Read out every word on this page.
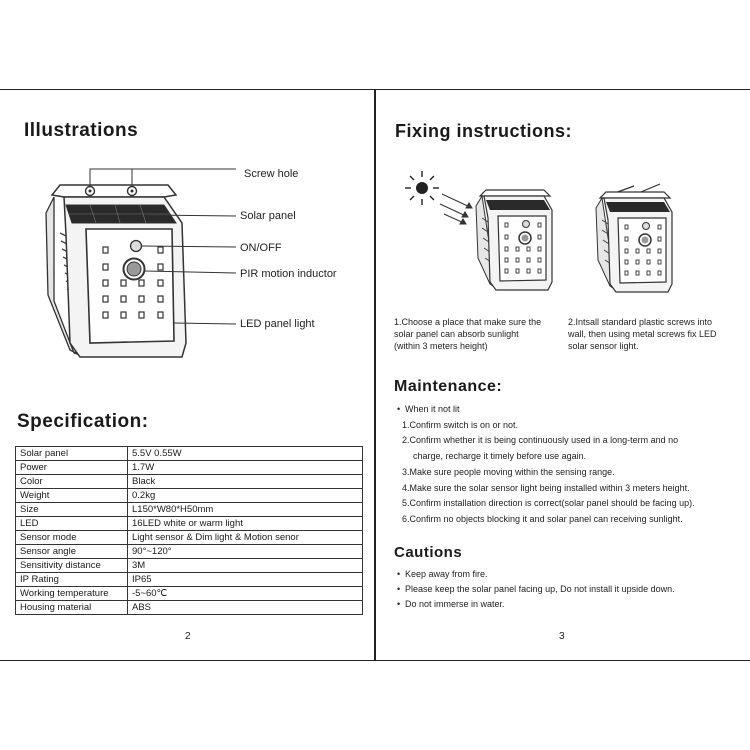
Illustrations
Screw hole
Solar panel
ON/OFF
PIR motion inductor
LED panel light
Specification:
Solar panel	5.5V 0.55W
Power	1.7W
Color	Black
Weight	0.2kg
Size	L150*W80*H50mm
LED	16LED white or warm light
Sensor mode	Light sensor & Dim light & Motion senor
Sensor angle	90°~120°
Sensitivity distance	3M
IP Rating	IP65
Working temperature	-5~60℃
Housing material	ABS
2
Fixing instructions:
1.Choose a place that make sure the
solar panel can absorb sunlight
(within 3 meters height)
2.Intsall standard plastic screws into
wall, then using metal screws fix LED
solar sensor light.
Maintenance:
• When it not lit
1.Confirm switch is on or not.
2.Confirm whether it is being continuously used in a long-term and no
charge, recharge it timely before use again.
3.Make sure people moving within the sensing range.
4.Make sure the solar sensor light being installed within 3 meters height.
5.Confirm installation direction is correct(solar panel should be facing up).
6.Confirm no objects blocking it and solar panel can receiving sunlight.
Cautions
• Keep away from fire.
• Please keep the solar panel facing up, Do not install it upside down.
• Do not immerse in water.
3
